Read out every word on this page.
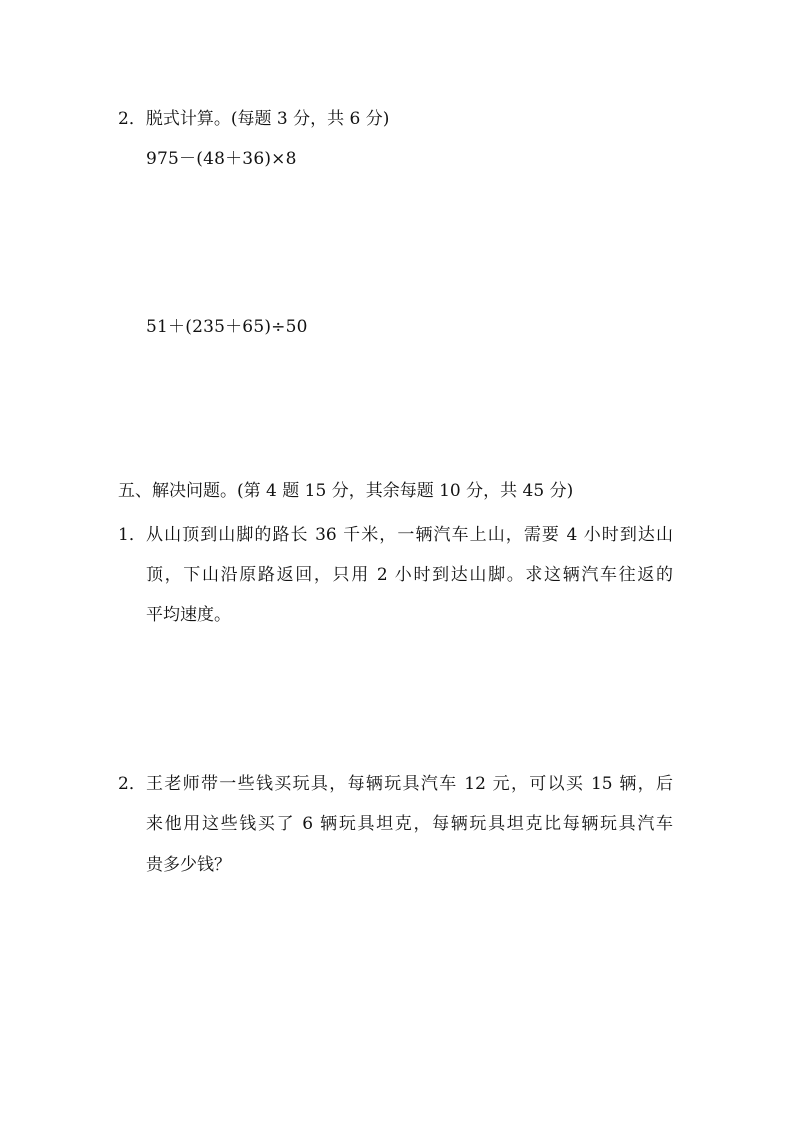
2．脱式计算。(每题 3 分，共 6 分)
975－(48＋36)×8
51＋(235＋65)÷50
五、解决问题。(第 4 题 15 分，其余每题 10 分，共 45 分)
1． 从山顶到山脚的路长 36 千米，一辆汽车上山，需要 4 小时到达山
顶，下山沿原路返回，只用 2 小时到达山脚。求这辆汽车往返的
平均速度。
2． 王老师带一些钱买玩具，每辆玩具汽车 12 元，可以买 15 辆，后
来他用这些钱买了 6 辆玩具坦克，每辆玩具坦克比每辆玩具汽车
贵多少钱？
